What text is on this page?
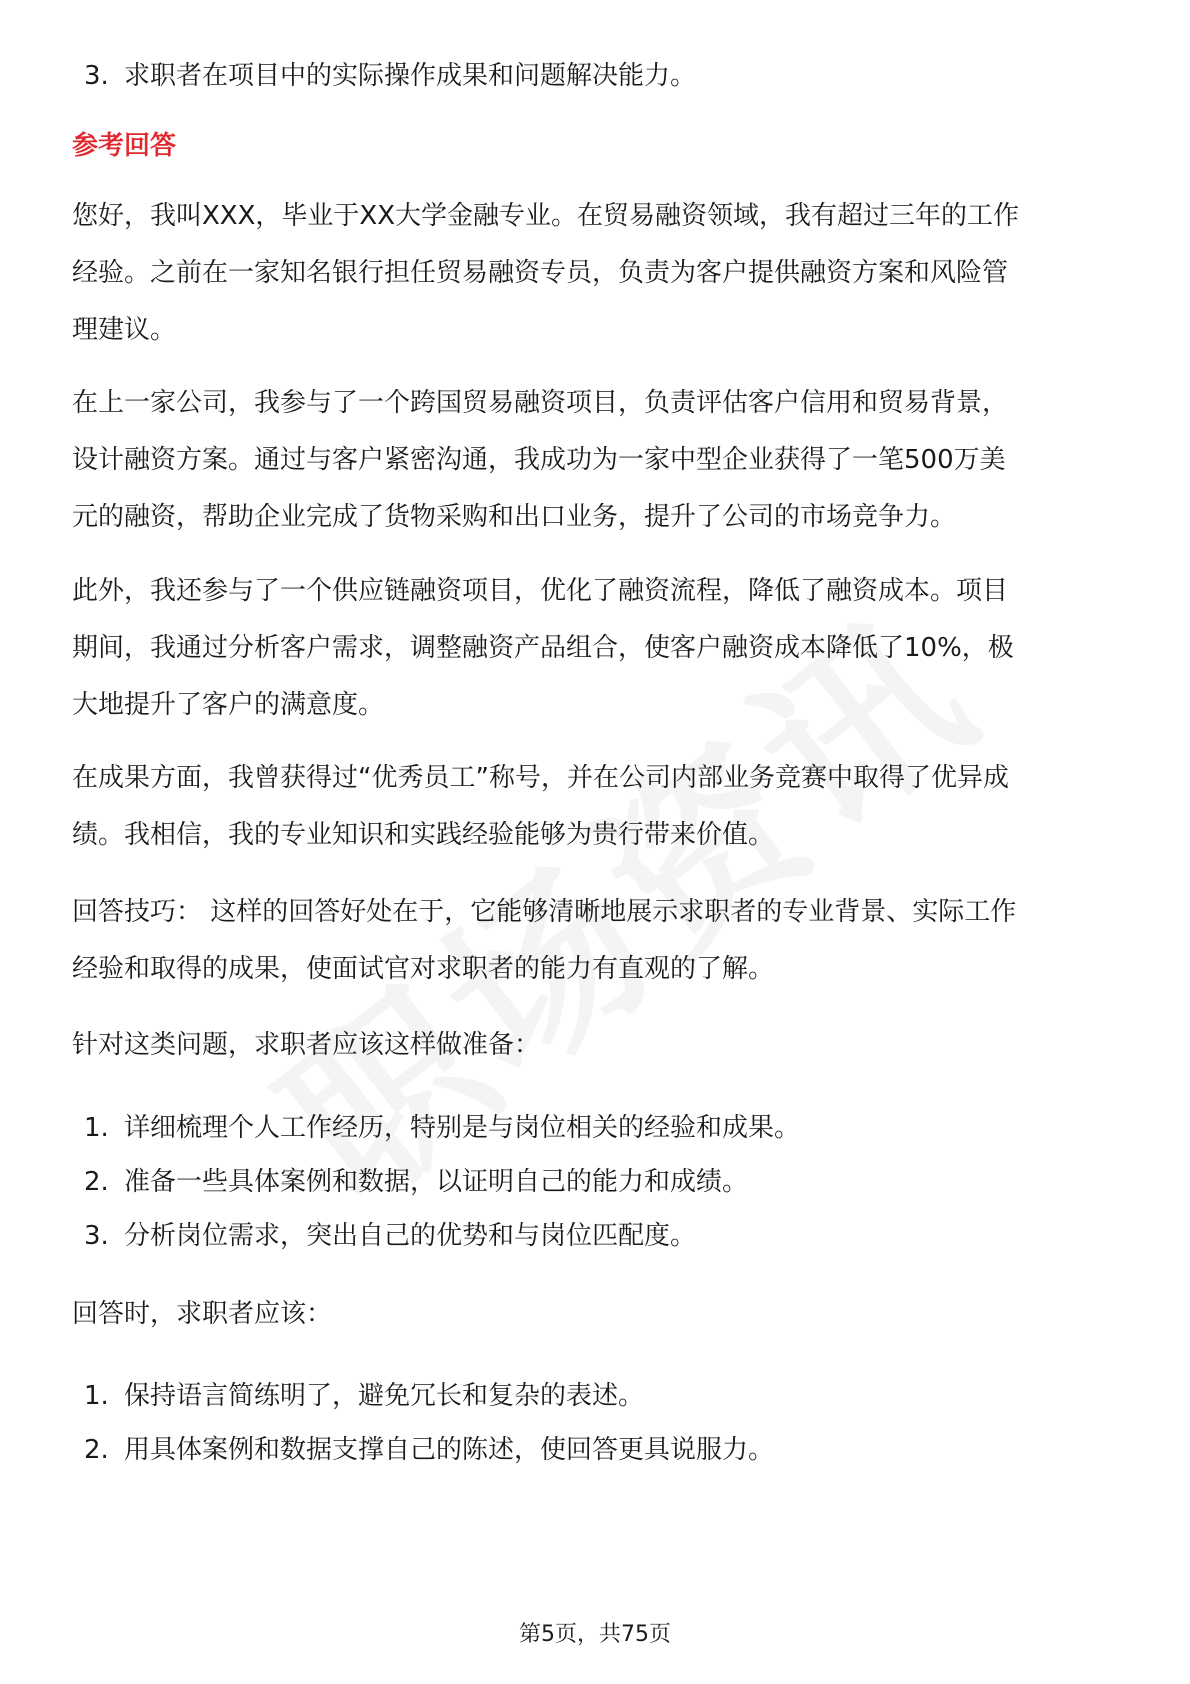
3. 求职者在项目中的实际操作成果和问题解决能力。
参考回答
您好，我叫XXX，毕业于XX大学金融专业。在贸易融资领域，我有超过三年的工作
经验。之前在一家知名银行担任贸易融资专员，负责为客户提供融资方案和风险管
理建议。
在上一家公司，我参与了一个跨国贸易融资项目，负责评估客户信用和贸易背景，
设计融资方案。通过与客户紧密沟通，我成功为一家中型企业获得了一笔500万美
元的融资，帮助企业完成了货物采购和出口业务，提升了公司的市场竞争力。
此外，我还参与了一个供应链融资项目，优化了融资流程，降低了融资成本。项目
期间，我通过分析客户需求，调整融资产品组合，使客户融资成本降低了10%，极
大地提升了客户的满意度。
在成果方面，我曾获得过“优秀员工”称号，并在公司内部业务竞赛中取得了优异成
绩。我相信，我的专业知识和实践经验能够为贵行带来价值。
回答技巧： 这样的回答好处在于，它能够清晰地展示求职者的专业背景、实际工作
经验和取得的成果，使面试官对求职者的能力有直观的了解。
针对这类问题，求职者应该这样做准备：
1. 详细梳理个人工作经历，特别是与岗位相关的经验和成果。
2. 准备一些具体案例和数据，以证明自己的能力和成绩。
3. 分析岗位需求，突出自己的优势和与岗位匹配度。
回答时，求职者应该：
1. 保持语言简练明了，避免冗长和复杂的表述。
2. 用具体案例和数据支撑自己的陈述，使回答更具说服力。
第5页，共75页
